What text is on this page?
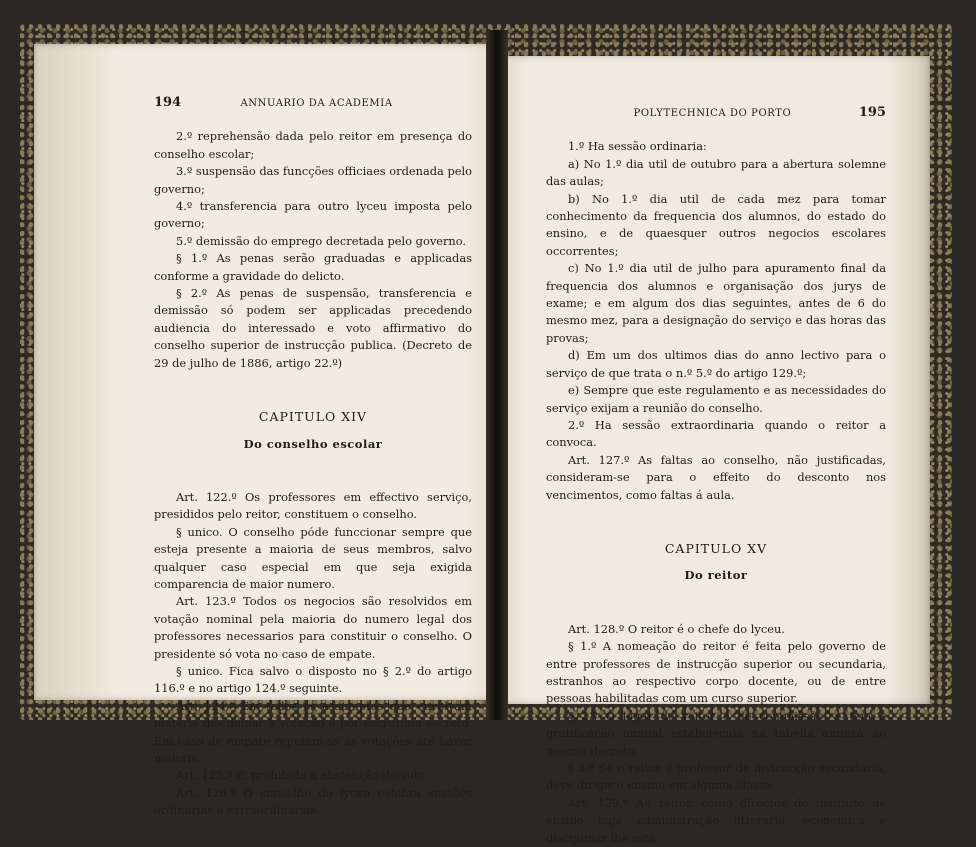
194	ANNUARIO DA ACADEMIA

2.º reprehensão dada pelo reitor em presença do conselho escolar;

3.º suspensão das funcções officiaes ordenada pelo governo;

4.º transferencia para outro lyceu imposta pelo governo;

5.º demissão do emprego decretada pelo governo.

§ 1.º As penas serão graduadas e applicadas conforme a gravidade do delicto.

§ 2.º As penas de suspensão, transferencia e demissão só podem ser applicadas precedendo audiencia do interessado e voto affirmativo do conselho superior de instrucção publica. (Decreto de 29 de julho de 1886, artigo 22.º)

CAPITULO XIV
Do conselho escolar

Art. 122.º Os professores em effectivo serviço, presididos pelo reitor, constituem o conselho.

§ unico. O conselho póde funccionar sempre que esteja presente a maioria de seus membros, salvo qualquer caso especial em que seja exigida comparencia de maior numero.

Art. 123.º Todos os negocios são resolvidos em votação nominal pela maioria do numero legal dos professores necessarios para constituir o conselho. O presidente só vota no caso de empate.

§ unico. Fica salvo o disposto no § 2.º do artigo 116.º e no artigo 124.º seguinte.

Art. 124.º Em todos os assumptos que envolvam materia disciplinar a votação é por escrutinio secreto. Em caso de empate repetem-se as votações até haver maioria.

Art. 125.º E' prohibida a abstenção do voto.

Art. 126.º O conselho do lyceu celebra sessões ordinarias e extraordinarias:

POLYTECHNICA DO PORTO	195

1.º Ha sessão ordinaria:

a) No 1.º dia util de outubro para a abertura solemne das aulas;

b) No 1.º dia util de cada mez para tomar conhecimento da frequencia dos alumnos, do estado do ensino, e de quaesquer outros negocios escolares occorrentes;

c) No 1.º dia util de julho para apuramento final da frequencia dos alumnos e organisação dos jurys de exame; e em algum dos dias seguintes, antes de 6 do mesmo mez, para a designação do serviço e das horas das provas;

d) Em um dos ultimos dias do anno lectivo para o serviço de que trata o n.º 5.º do artigo 129.º;

e) Sempre que este regulamento e as necessidades do serviço exijam a reunião do conselho.

2.º Ha sessão extraordinaria quando o reitor a convoca.

Art. 127.º As faltas ao conselho, não justificadas, consideram-se para o effeito do desconto nos vencimentos, como faltas á aula.

CAPITULO XV
Do reitor

Art. 128.º O reitor é o chefe do lyceu.

§ 1.º A nomeação do reitor é feita pelo governo de entre professores de instrucção superior ou secundaria, estranhos ao respectivo corpo docente, ou de entre pessoas habilitadas com um curso superior.

§ 2.º O logar de reitor é de commissão, e tem a gratificação annual estabelecida na tabella annexa ao mesmo decreto.

§ 3.º Se o reitor é professor de instrucção secundaria, deve dirigir o ensino em alguma classe.

Art. 129.º Ao reitor, como director do instituto de ensino cuja administração litteraria, economica e disciplinar lhe está
